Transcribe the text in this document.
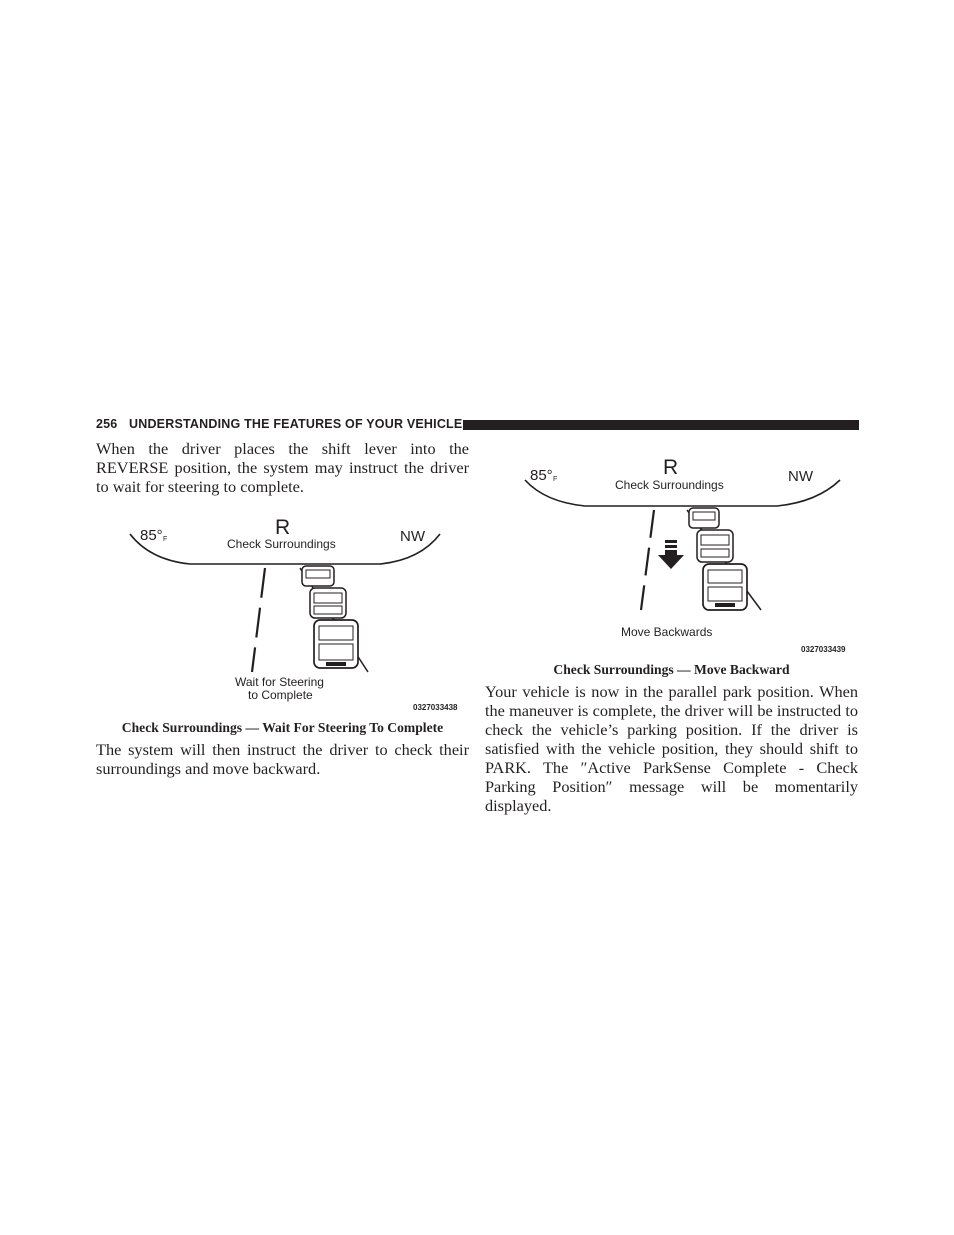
256 UNDERSTANDING THE FEATURES OF YOUR VEHICLE

When the driver places the shift lever into the REVERSE position, the system may instruct the driver to wait for steering to complete.

85° F
R
Check Surroundings	NW
Wait for Steering
to Complete
0327033438
Check Surroundings — Wait For Steering To Complete

The system will then instruct the driver to check their surroundings and move backward.

85° F
R
Check Surroundings	NW
Move Backwards
0327033439
Check Surroundings — Move Backward

Your vehicle is now in the parallel park position. When the maneuver is complete, the driver will be instructed to check the vehicle’s parking position. If the driver is satisfied with the vehicle position, they should shift to PARK. The ″Active ParkSense Complete - Check Parking Position″ message will be momentarily displayed.
